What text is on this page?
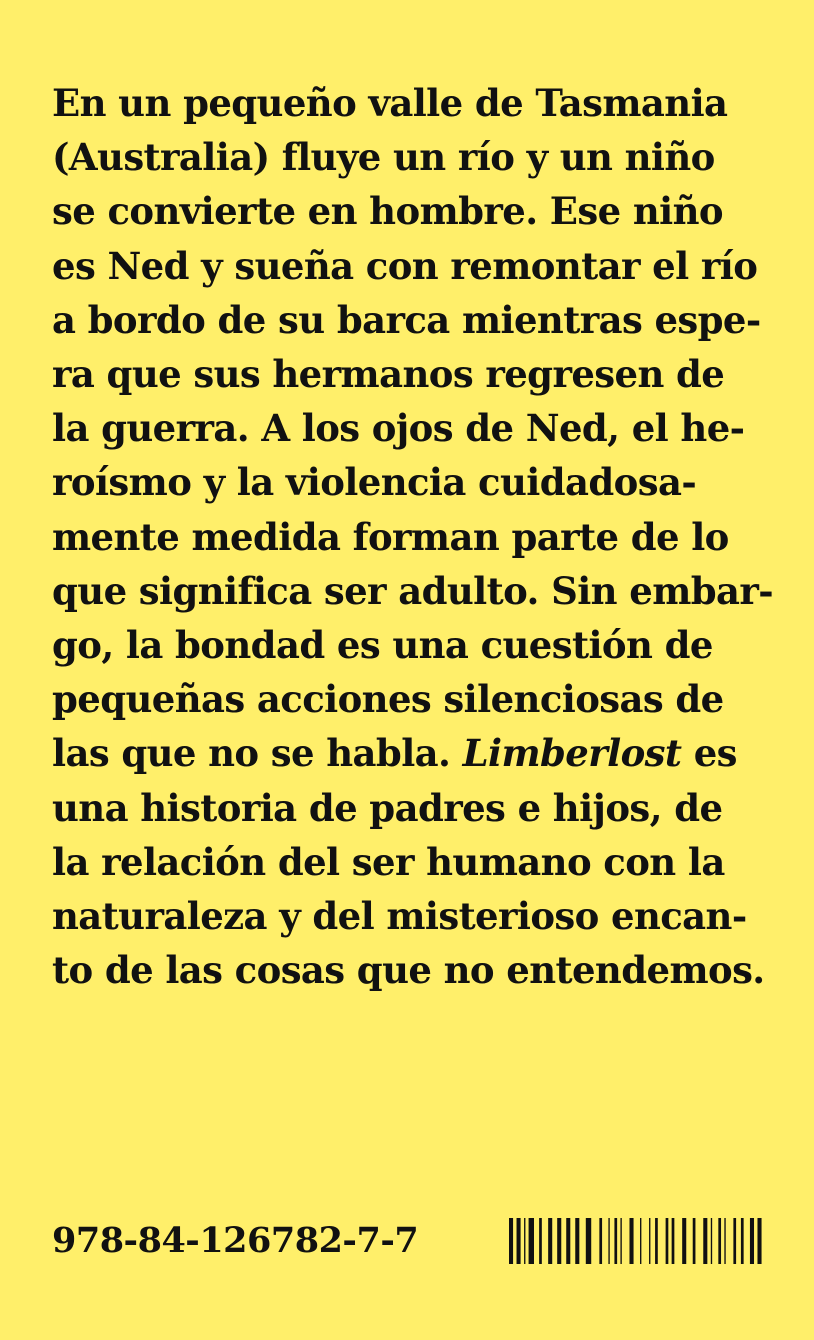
En un pequeño valle de Tasmania
(Australia) fluye un río y un niño
se convierte en hombre. Ese niño
es Ned y sueña con remontar el río
a bordo de su barca mientras espe-
ra que sus hermanos regresen de
la guerra. A los ojos de Ned, el he-
roísmo y la violencia cuidadosa-
mente medida forman parte de lo
que significa ser adulto. Sin embar-
go, la bondad es una cuestión de
pequeñas acciones silenciosas de
las que no se habla. Limberlost es
una historia de padres e hijos, de
la relación del ser humano con la
naturaleza y del misterioso encan-
to de las cosas que no entendemos.
978-84-126782-7-7
